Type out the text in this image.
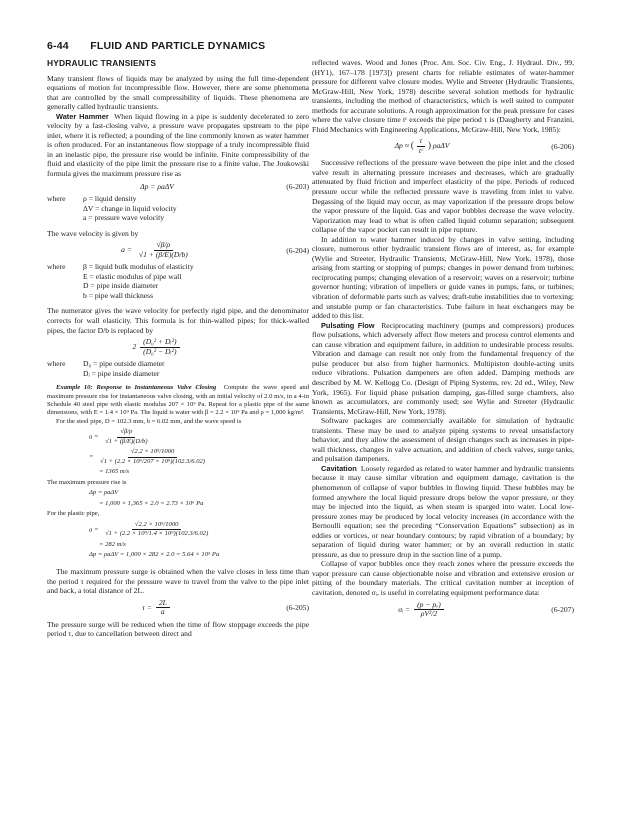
6-44  FLUID AND PARTICLE DYNAMICS
HYDRAULIC TRANSIENTS

Many transient flows of liquids may be analyzed by using the full time-dependent equations of motion for incompressible flow. However, there are some phenomena that are controlled by the small compressibility of liquids. These phenomena are generally called hydraulic transients.

Water Hammer When liquid flowing in a pipe is suddenly decelerated to zero velocity by a fast-closing valve, a pressure wave propagates upstream to the pipe inlet, where it is reflected; a pounding of the line commonly known as water hammer is often produced. For an instantaneous flow stoppage of a truly incompressible fluid in an inelastic pipe, the pressure rise would be infinite. Finite compressibility of the fluid and elasticity of the pipe limit the pressure rise to a finite value. The Joukowski formula gives the maximum pressure rise as

Δp = ρaΔV	(6-203)
where	ρ = liquid density
ΔV = change in liquid velocity
a = pressure wave velocity

The wave velocity is given by

$a = \frac{√\beta/\rho}{√1 + (\beta/E)(D/b)}$	(6-204)
where	β = liquid bulk modulus of elasticity
E = elastic modulus of pipe wall
D = pipe inside diameter
b = pipe wall thickness

The numerator gives the wave velocity for perfectly rigid pipe, and the denominator corrects for wall elasticity. This formula is for thin-walled pipes; for thick-walled pipes, the factor D/b is replaced by

$2 \frac{\text{(D₀² + Dᵢ²)}}{\text{(D₀² − Dᵢ²)}}$
where	D₀ = pipe outside diameter
Dᵢ = pipe inside diameter

Example 10: Response to Instantaneous Valve Closing Compute the wave speed and maximum pressure rise for instantaneous valve closing, with an initial velocity of 2.0 m/s, in a 4-in Schedule 40 steel pipe with elastic modulus 207 × 10⁹ Pa. Repeat for a plastic pipe of the same dimensions, with E = 1.4 × 10⁹ Pa. The liquid is water with β = 2.2 × 10⁹ Pa and ρ = 1,000 kg/m³.

For the steel pipe, D = 102.3 mm, b = 6.02 mm, and the wave speed is

$a = \frac{√\beta/\rho}{√1 + (\beta/E)(D/b)}$
= $\frac{\text{√2.2 × 10⁹/1000}}{\text{√1 + (2.2 × 10⁹/207 × 10⁹)(102.3/6.02)}}$
= 1365 m/s

The maximum pressure rise is

Δp = ρaΔV
= 1,000 × 1,365 × 2.0 = 2.73 × 10⁶ Pa

For the plastic pipe,

$a = \frac{\text{√2.2 × 10⁹/1000}}{\text{√1 + (2.2 × 10⁹/1.4 × 10⁹)(102.3/6.02)}}$
= 282 m/s
Δp = ρaΔV = 1,000 × 282 × 2.0 = 5.64 × 10⁵ Pa

The maximum pressure surge is obtained when the valve closes in less time than the period τ required for the pressure wave to travel from the valve to the pipe inlet and back, a total distance of 2L.

$\tau = \frac{2L}{a}$	(6-205)

The pressure surge will be reduced when the time of flow stoppage exceeds the pipe period τ, due to cancellation between direct and

reflected waves. Wood and Jones (Proc. Am. Soc. Civ. Eng., J. Hydraul. Div., 99, (HY1), 167–178 [1973]) present charts for reliable estimates of water-hammer pressure for different valve closure modes. Wylie and Streeter (Hydraulic Transients, McGraw-Hill, New York, 1978) describe several solution methods for hydraulic transients, including the method of characteristics, which is well suited to computer methods for accurate solutions. A rough approximation for the peak pressure for cases where the valve closure time tᶜ exceeds the pipe period τ is (Daugherty and Franzini, Fluid Mechanics with Engineering Applications, McGraw-Hill, New York, 1985):

Δp ≈ ( $\frac{\tau}{\text{tᶜ}}$ ) ρaΔV	(6-206)

Successive reflections of the pressure wave between the pipe inlet and the closed valve result in alternating pressure increases and decreases, which are gradually attenuated by fluid friction and imperfect elasticity of the pipe. Periods of reduced pressure occur while the reflected pressure wave is traveling from inlet to valve. Degassing of the liquid may occur, as may vaporization if the pressure drops below the vapor pressure of the liquid. Gas and vapor bubbles decrease the wave velocity. Vaporization may lead to what is often called liquid column separation; subsequent collapse of the vapor pocket can result in pipe rupture.

In addition to water hammer induced by changes in valve setting, including closure, numerous other hydraulic transient flows are of interest, as, for example (Wylie and Streeter, Hydraulic Transients, McGraw-Hill, New York, 1978), those arising from starting or stopping of pumps; changes in power demand from turbines; reciprocating pumps; changing elevation of a reservoir; waves on a reservoir; turbine governor hunting; vibration of impellers or guide vanes in pumps, fans, or turbines; vibration of deformable parts such as valves; draft-tube instabilities due to vortexing; and unstable pump or fan characteristics. Tube failure in heat exchangers may be added to this list.

Pulsating Flow Reciprocating machinery (pumps and compressors) produces flow pulsations, which adversely affect flow meters and process control elements and can cause vibration and equipment failure, in addition to undesirable process results. Vibration and damage can result not only from the fundamental frequency of the pulse producer but also from higher harmonics. Multipiston double-acting units reduce vibrations. Pulsation dampeners are often added. Damping methods are described by M. W. Kellogg Co. (Design of Piping Systems, rev. 2d ed., Wiley, New York, 1965). For liquid phase pulsation damping, gas-filled surge chambers, also known as accumulators, are commonly used; see Wylie and Streeter (Hydraulic Transients, McGraw-Hill, New York, 1978).

Software packages are commercially available for simulation of hydraulic transients. These may be used to analyze piping systems to reveal unsatisfactory behavior, and they allow the assessment of design changes such as increases in pipe-wall thickness, changes in valve actuation, and addition of check valves, surge tanks, and pulsation dampeners.

Cavitation Loosely regarded as related to water hammer and hydraulic transients because it may cause similar vibration and equipment damage, cavitation is the phenomenon of collapse of vapor bubbles in flowing liquid. These bubbles may be formed anywhere the local liquid pressure drops below the vapor pressure, or they may be injected into the liquid, as when steam is sparged into water. Local low-pressure zones may be produced by local velocity increases (in accordance with the Bernoulli equation; see the preceding “Conservation Equations” subsection) as in eddies or vortices, or near boundary contours; by rapid vibration of a boundary; by separation of liquid during water hammer; or by an overall reduction in static pressure, as due to pressure drop in the suction line of a pump.

Collapse of vapor bubbles once they reach zones where the pressure exceeds the vapor pressure can cause objectionable noise and vibration and extensive erosion or pitting of the boundary materials. The critical cavitation number at inception of cavitation, denoted σᵢ, is useful in correlating equipment performance data:

σᵢ = $\frac{\text{(p − pᵥ)}}{\text{ρV²/2}}$	(6-207)
